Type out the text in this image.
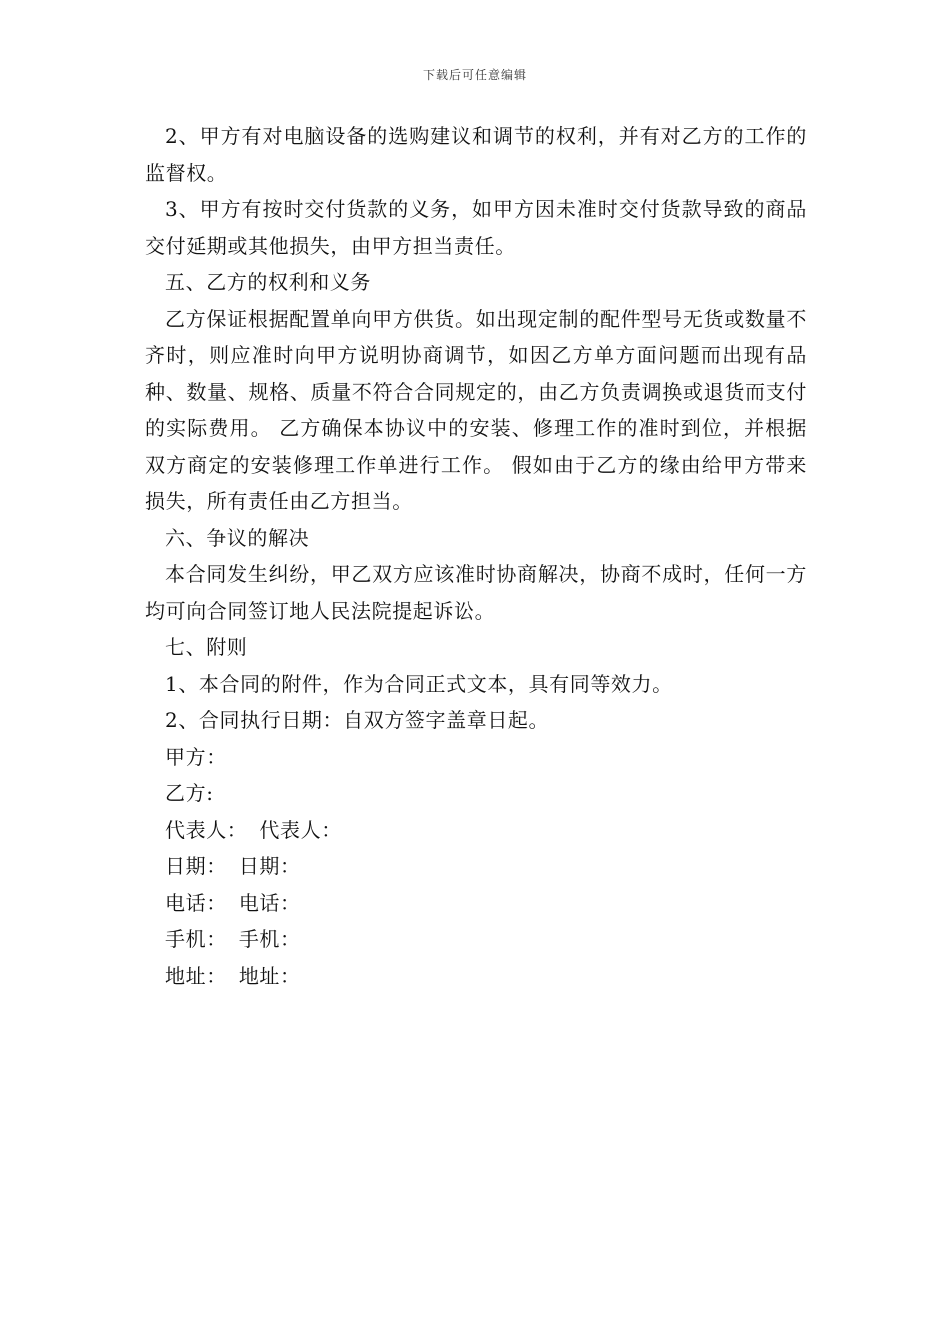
下载后可任意编辑

2、甲方有对电脑设备的选购建议和调节的权利，并有对乙方的工作的监督权。

3、甲方有按时交付货款的义务，如甲方因未准时交付货款导致的商品交付延期或其他损失，由甲方担当责任。

五、乙方的权利和义务

乙方保证根据配置单向甲方供货。如出现定制的配件型号无货或数量不齐时，则应准时向甲方说明协商调节，如因乙方单方面问题而出现有品种、数量、规格、质量不符合合同规定的，由乙方负责调换或退货而支付的实际费用。 乙方确保本协议中的安装、修理工作的准时到位，并根据双方商定的安装修理工作单进行工作。 假如由于乙方的缘由给甲方带来损失，所有责任由乙方担当。

六、争议的解决

本合同发生纠纷，甲乙双方应该准时协商解决，协商不成时，任何一方均可向合同签订地人民法院提起诉讼。

七、附则

1、本合同的附件，作为合同正式文本，具有同等效力。

2、合同执行日期：自双方签字盖章日起。

甲方：

乙方:

代表人： 代表人：

日期： 日期：

电话： 电话：

手机： 手机：

地址： 地址：
